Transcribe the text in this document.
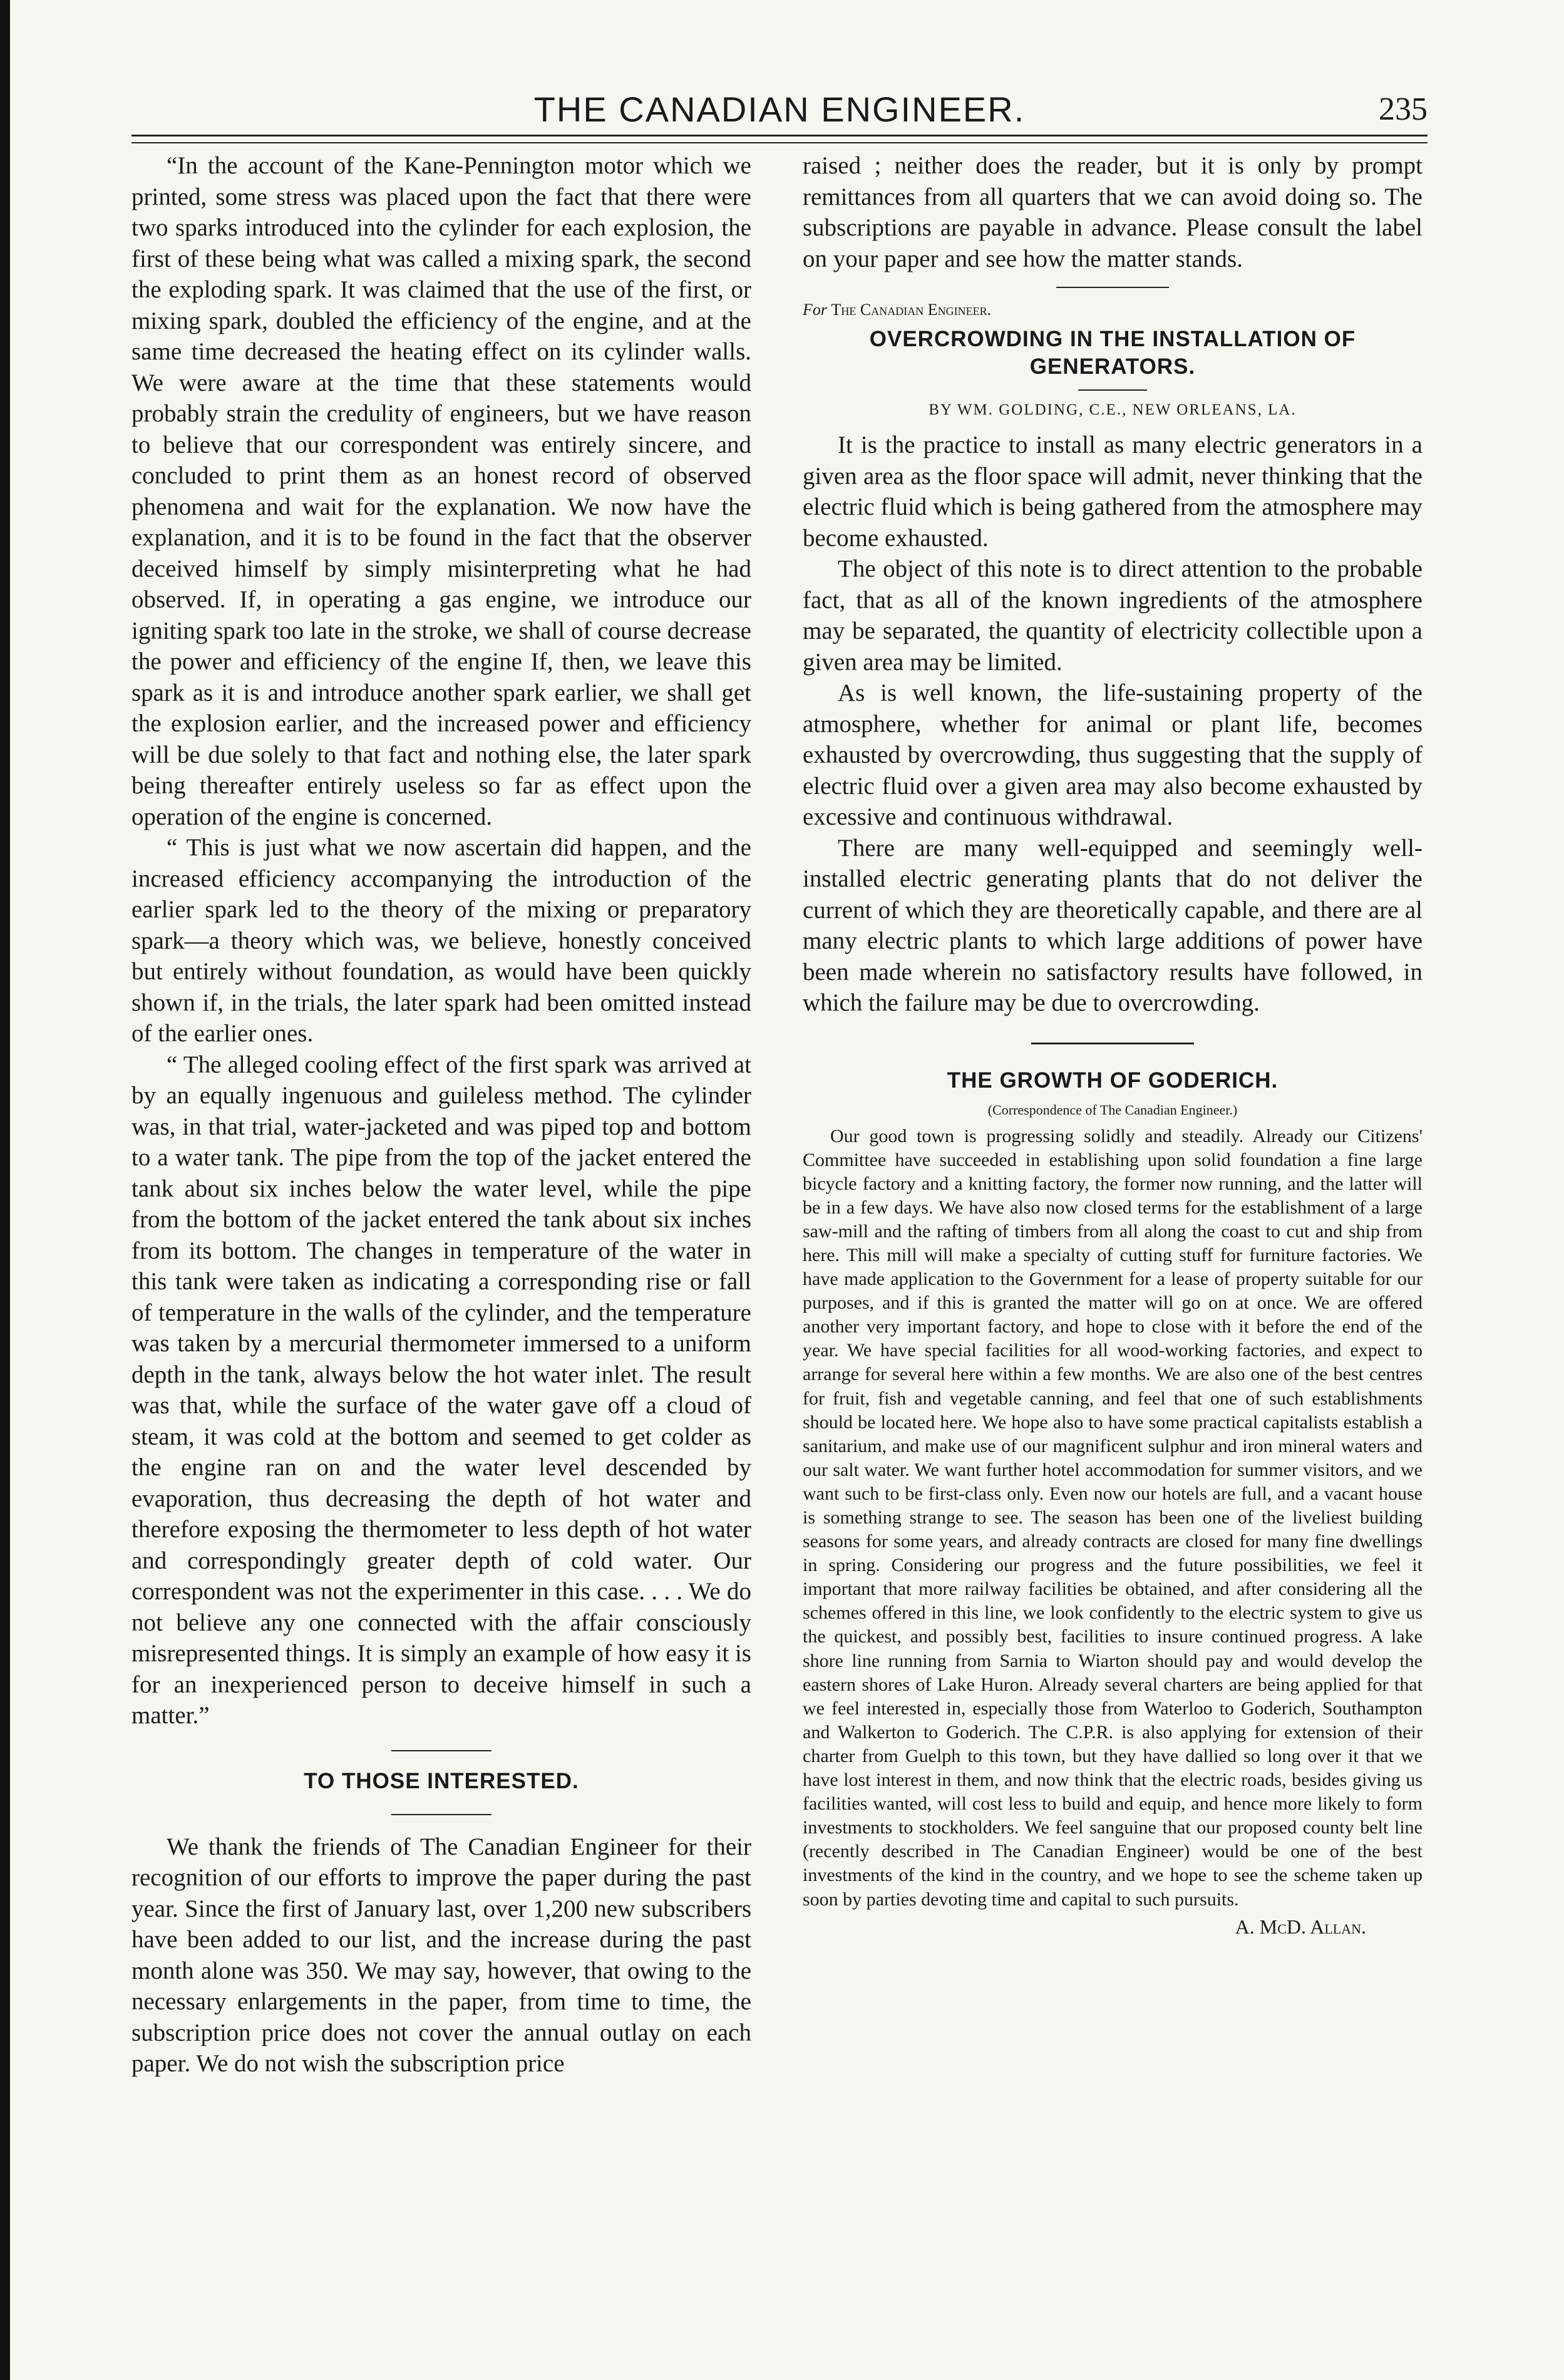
THE CANADIAN ENGINEER.	235

“In the account of the Kane-Pennington motor which we printed, some stress was placed upon the fact that there were two sparks introduced into the cylinder for each explosion, the first of these being what was called a mixing spark, the second the exploding spark. It was claimed that the use of the first, or mixing spark, doubled the efficiency of the engine, and at the same time decreased the heating effect on its cylinder walls. We were aware at the time that these statements would probably strain the credulity of engineers, but we have reason to believe that our correspondent was entirely sincere, and concluded to print them as an honest record of observed phenomena and wait for the explanation. We now have the explanation, and it is to be found in the fact that the observer deceived himself by simply misinterpreting what he had observed. If, in operating a gas engine, we introduce our igniting spark too late in the stroke, we shall of course decrease the power and efficiency of the engine If, then, we leave this spark as it is and introduce another spark earlier, we shall get the explosion earlier, and the increased power and efficiency will be due solely to that fact and nothing else, the later spark being thereafter entirely useless so far as effect upon the operation of the engine is concerned.

“ This is just what we now ascertain did happen, and the increased efficiency accompanying the introduction of the earlier spark led to the theory of the mixing or preparatory spark—a theory which was, we believe, honestly conceived but entirely without foundation, as would have been quickly shown if, in the trials, the later spark had been omitted instead of the earlier ones.

“ The alleged cooling effect of the first spark was arrived at by an equally ingenuous and guileless method. The cylinder was, in that trial, water-jacketed and was piped top and bottom to a water tank. The pipe from the top of the jacket entered the tank about six inches below the water level, while the pipe from the bottom of the jacket entered the tank about six inches from its bottom. The changes in temperature of the water in this tank were taken as indicating a corresponding rise or fall of temperature in the walls of the cylinder, and the temperature was taken by a mercurial thermometer immersed to a uniform depth in the tank, always below the hot water inlet. The result was that, while the surface of the water gave off a cloud of steam, it was cold at the bottom and seemed to get colder as the engine ran on and the water level descended by evaporation, thus decreasing the depth of hot water and therefore exposing the thermometer to less depth of hot water and correspondingly greater depth of cold water. Our correspondent was not the experimenter in this case. . . . We do not believe any one connected with the affair consciously misrepresented things. It is simply an example of how easy it is for an inexperienced person to deceive himself in such a matter.”

TO THOSE INTERESTED.

We thank the friends of The Canadian Engineer for their recognition of our efforts to improve the paper during the past year. Since the first of January last, over 1,200 new subscribers have been added to our list, and the increase during the past month alone was 350. We may say, however, that owing to the necessary enlargements in the paper, from time to time, the subscription price does not cover the annual outlay on each paper. We do not wish the subscription price

raised ; neither does the reader, but it is only by prompt remittances from all quarters that we can avoid doing so. The subscriptions are payable in advance. Please consult the label on your paper and see how the matter stands.

For The Canadian Engineer.
OVERCROWDING IN THE INSTALLATION OF GENERATORS.
BY WM. GOLDING, C.E., NEW ORLEANS, LA.

It is the practice to install as many electric generators in a given area as the floor space will admit, never thinking that the electric fluid which is being gathered from the atmosphere may become exhausted.

The object of this note is to direct attention to the probable fact, that as all of the known ingredients of the atmosphere may be separated, the quantity of electricity collectible upon a given area may be limited.

As is well known, the life-sustaining property of the atmosphere, whether for animal or plant life, becomes exhausted by overcrowding, thus suggesting that the supply of electric fluid over a given area may also become exhausted by excessive and continuous withdrawal.

There are many well-equipped and seemingly well-installed electric generating plants that do not deliver the current of which they are theoretically capable, and there are al many electric plants to which large additions of power have been made wherein no satisfactory results have followed, in which the failure may be due to overcrowding.

THE GROWTH OF GODERICH.
(Correspondence of The Canadian Engineer.)

Our good town is progressing solidly and steadily. Already our Citizens' Committee have succeeded in establishing upon solid foundation a fine large bicycle factory and a knitting factory, the former now running, and the latter will be in a few days. We have also now closed terms for the establishment of a large saw-mill and the rafting of timbers from all along the coast to cut and ship from here. This mill will make a specialty of cutting stuff for furniture factories. We have made application to the Government for a lease of property suitable for our purposes, and if this is granted the matter will go on at once. We are offered another very important factory, and hope to close with it before the end of the year. We have special facilities for all wood-working factories, and expect to arrange for several here within a few months. We are also one of the best centres for fruit, fish and vegetable canning, and feel that one of such establishments should be located here. We hope also to have some practical capitalists establish a sanitarium, and make use of our magnificent sulphur and iron mineral waters and our salt water. We want further hotel accommodation for summer visitors, and we want such to be first-class only. Even now our hotels are full, and a vacant house is something strange to see. The season has been one of the liveliest building seasons for some years, and already contracts are closed for many fine dwellings in spring. Considering our progress and the future possibilities, we feel it important that more railway facilities be obtained, and after considering all the schemes offered in this line, we look confidently to the electric system to give us the quickest, and possibly best, facilities to insure continued progress. A lake shore line running from Sarnia to Wiarton should pay and would develop the eastern shores of Lake Huron. Already several charters are being applied for that we feel interested in, especially those from Waterloo to Goderich, Southampton and Walkerton to Goderich. The C.P.R. is also applying for extension of their charter from Guelph to this town, but they have dallied so long over it that we have lost interest in them, and now think that the electric roads, besides giving us facilities wanted, will cost less to build and equip, and hence more likely to form investments to stockholders. We feel sanguine that our proposed county belt line (recently described in The Canadian Engineer) would be one of the best investments of the kind in the country, and we hope to see the scheme taken up soon by parties devoting time and capital to such pursuits.

A. McD. Allan.
